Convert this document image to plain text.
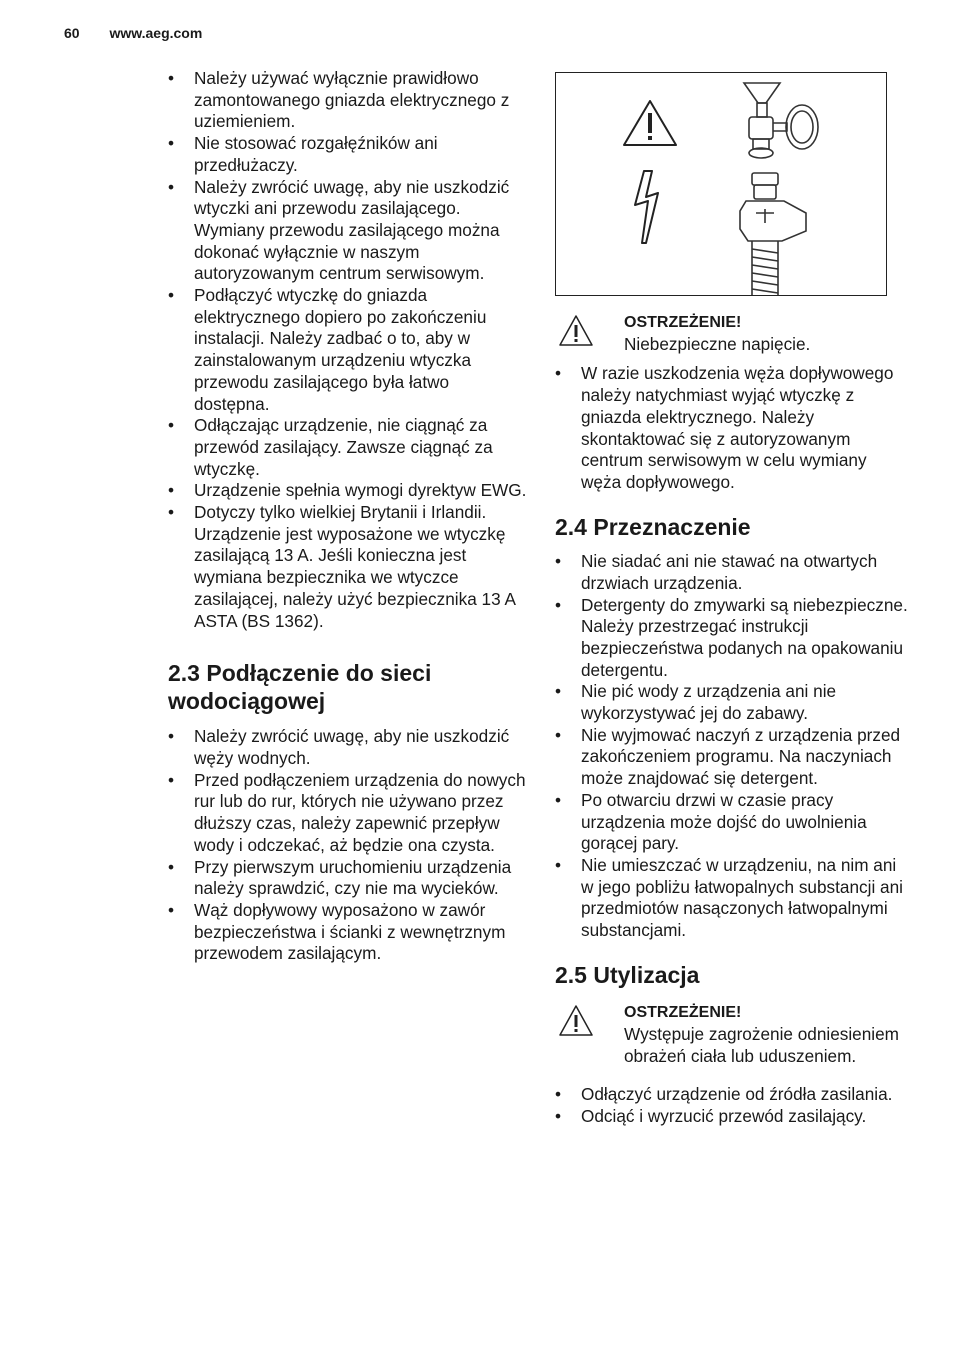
60 www.aeg.com
• Należy używać wyłącznie prawidłowo zamontowanego gniazda elektrycznego z uziemieniem.
• Nie stosować rozgałęźników ani przedłużaczy.
• Należy zwrócić uwagę, aby nie uszkodzić wtyczki ani przewodu zasilającego. Wymiany przewodu zasilającego można dokonać wyłącznie w naszym autoryzowanym centrum serwisowym.
• Podłączyć wtyczkę do gniazda elektrycznego dopiero po zakończeniu instalacji. Należy zadbać o to, aby w zainstalowanym urządzeniu wtyczka przewodu zasilającego była łatwo dostępna.
• Odłączając urządzenie, nie ciągnąć za przewód zasilający. Zawsze ciągnąć za wtyczkę.
• Urządzenie spełnia wymogi dyrektyw EWG.
• Dotyczy tylko wielkiej Brytanii i Irlandii. Urządzenie jest wyposażone we wtyczkę zasilającą 13 A. Jeśli konieczna jest wymiana bezpiecznika we wtyczce zasilającej, należy użyć bezpiecznika 13 A ASTA (BS 1362).
2.3 Podłączenie do sieci wodociągowej
• Należy zwrócić uwagę, aby nie uszkodzić węży wodnych.
• Przed podłączeniem urządzenia do nowych rur lub do rur, których nie używano przez dłuższy czas, należy zapewnić przepływ wody i odczekać, aż będzie ona czysta.
• Przy pierwszym uruchomieniu urządzenia należy sprawdzić, czy nie ma wycieków.
• Wąż dopływowy wyposażono w zawór bezpieczeństwa i ścianki z wewnętrznym przewodem zasilającym.
OSTRZEŻENIE!
Niebezpieczne napięcie.
• W razie uszkodzenia węża dopływowego należy natychmiast wyjąć wtyczkę z gniazda elektrycznego. Należy skontaktować się z autoryzowanym centrum serwisowym w celu wymiany węża dopływowego.
2.4 Przeznaczenie
• Nie siadać ani nie stawać na otwartych drzwiach urządzenia.
• Detergenty do zmywarki są niebezpieczne. Należy przestrzegać instrukcji bezpieczeństwa podanych na opakowaniu detergentu.
• Nie pić wody z urządzenia ani nie wykorzystywać jej do zabawy.
• Nie wyjmować naczyń z urządzenia przed zakończeniem programu. Na naczyniach może znajdować się detergent.
• Po otwarciu drzwi w czasie pracy urządzenia może dojść do uwolnienia gorącej pary.
• Nie umieszczać w urządzeniu, na nim ani w jego pobliżu łatwopalnych substancji ani przedmiotów nasączonych łatwopalnymi substancjami.
2.5 Utylizacja
OSTRZEŻENIE!
Występuje zagrożenie odniesieniem obrażeń ciała lub uduszeniem.
• Odłączyć urządzenie od źródła zasilania.
• Odciąć i wyrzucić przewód zasilający.
